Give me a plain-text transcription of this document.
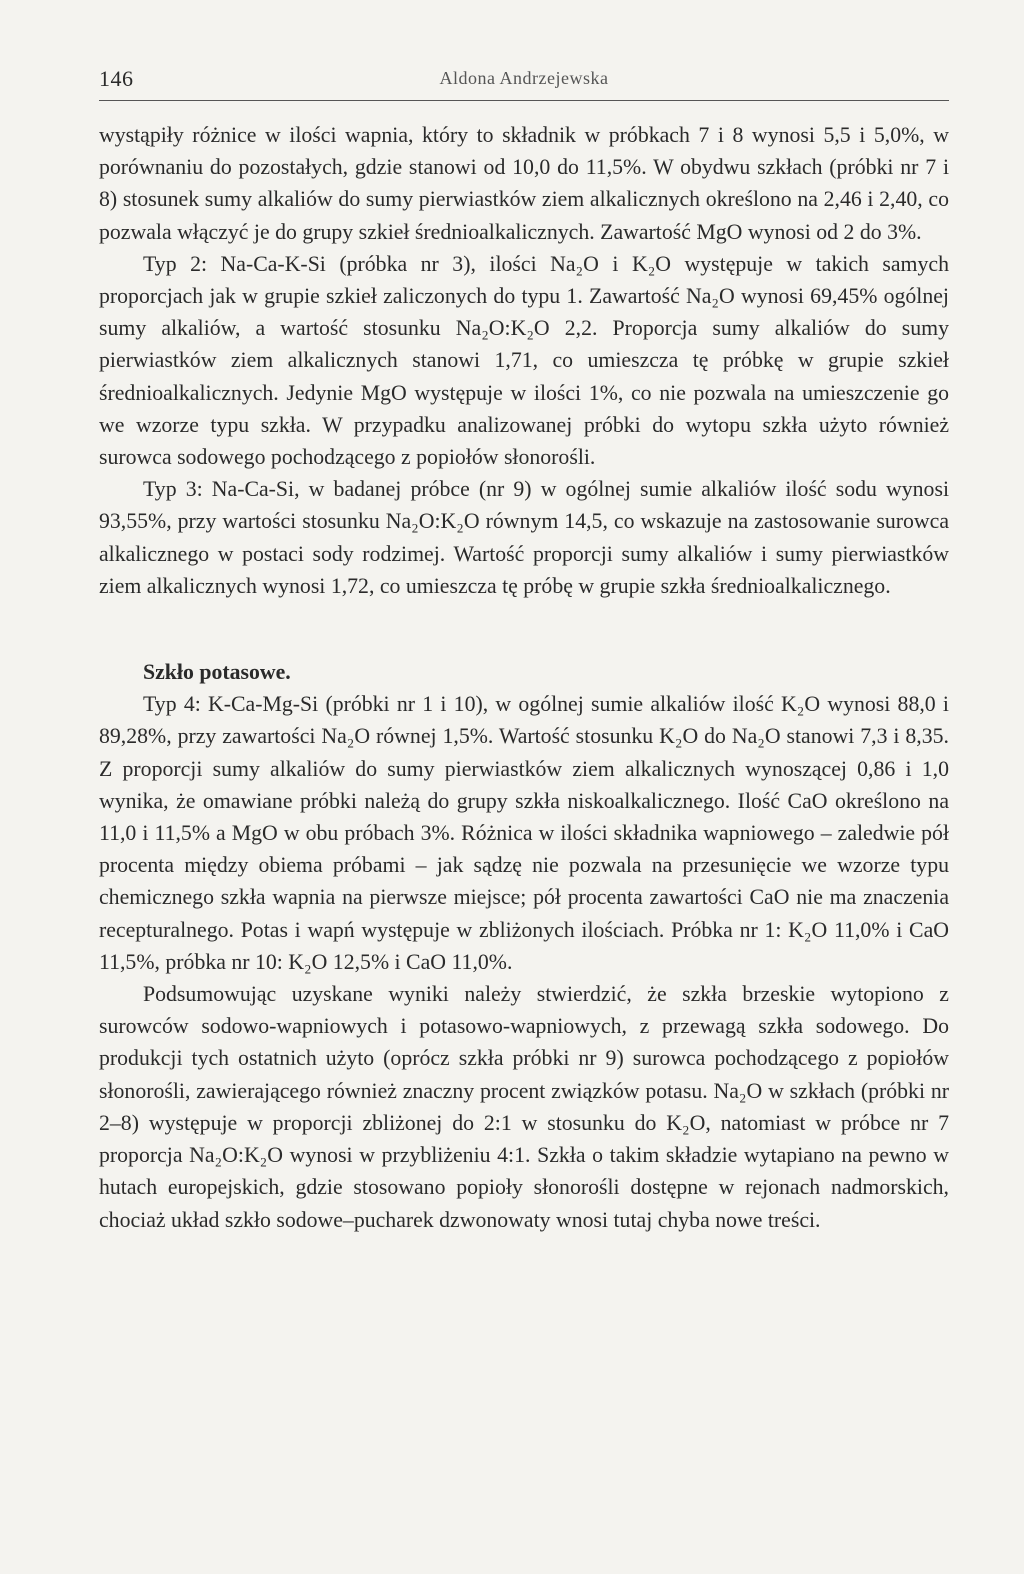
146	Aldona Andrzejewska

wystąpiły różnice w ilości wapnia, który to składnik w próbkach 7 i 8 wynosi 5,5 i 5,0%, w porównaniu do pozostałych, gdzie stanowi od 10,0 do 11,5%. W obydwu szkłach (próbki nr 7 i 8) stosunek sumy alkaliów do sumy pierwiastków ziem alkalicznych określono na 2,46 i 2,40, co pozwala włączyć je do grupy szkieł średnioalkalicznych. Zawartość MgO wynosi od 2 do 3%.

Typ 2: Na-Ca-K-Si (próbka nr 3), ilości Na₂O i K₂O występuje w takich samych proporcjach jak w grupie szkieł zaliczonych do typu 1. Zawartość Na₂O wynosi 69,45% ogólnej sumy alkaliów, a wartość stosunku Na₂O:K₂O 2,2. Proporcja sumy alkaliów do sumy pierwiastków ziem alkalicznych stanowi 1,71, co umieszcza tę próbkę w grupie szkieł średnioalkalicznych. Jedynie MgO występuje w ilości 1%, co nie pozwala na umieszczenie go we wzorze typu szkła. W przypadku analizowanej próbki do wytopu szkła użyto również surowca sodowego pochodzącego z popiołów słonorośli.

Typ 3: Na-Ca-Si, w badanej próbce (nr 9) w ogólnej sumie alkaliów ilość sodu wynosi 93,55%, przy wartości stosunku Na₂O:K₂O równym 14,5, co wskazuje na zastosowanie surowca alkalicznego w postaci sody rodzimej. Wartość proporcji sumy alkaliów i sumy pierwiastków ziem alkalicznych wynosi 1,72, co umieszcza tę próbę w grupie szkła średnioalkalicznego.

Szkło potasowe.

Typ 4: K-Ca-Mg-Si (próbki nr 1 i 10), w ogólnej sumie alkaliów ilość K₂O wynosi 88,0 i 89,28%, przy zawartości Na₂O równej 1,5%. Wartość stosunku K₂O do Na₂O stanowi 7,3 i 8,35. Z proporcji sumy alkaliów do sumy pierwiastków ziem alkalicznych wynoszącej 0,86 i 1,0 wynika, że omawiane próbki należą do grupy szkła niskoalkalicznego. Ilość CaO określono na 11,0 i 11,5% a MgO w obu próbach 3%. Różnica w ilości składnika wapniowego – zaledwie pół procenta między obiema próbami – jak sądzę nie pozwala na przesunięcie we wzorze typu chemicznego szkła wapnia na pierwsze miejsce; pół procenta zawartości CaO nie ma znaczenia recepturalnego. Potas i wapń występuje w zbliżonych ilościach. Próbka nr 1: K₂O 11,0% i CaO 11,5%, próbka nr 10: K₂O 12,5% i CaO 11,0%.

Podsumowując uzyskane wyniki należy stwierdzić, że szkła brzeskie wytopiono z surowców sodowo-wapniowych i potasowo-wapniowych, z przewagą szkła sodowego. Do produkcji tych ostatnich użyto (oprócz szkła próbki nr 9) surowca pochodzącego z popiołów słonorośli, zawierającego również znaczny procent związków potasu. Na₂O w szkłach (próbki nr 2–8) występuje w proporcji zbliżonej do 2:1 w stosunku do K₂O, natomiast w próbce nr 7 proporcja Na₂O:K₂O wynosi w przybliżeniu 4:1. Szkła o takim składzie wytapiano na pewno w hutach europejskich, gdzie stosowano popioły słonorośli dostępne w rejonach nadmorskich, chociaż układ szkło sodowe–pucharek dzwonowaty wnosi tutaj chyba nowe treści.
